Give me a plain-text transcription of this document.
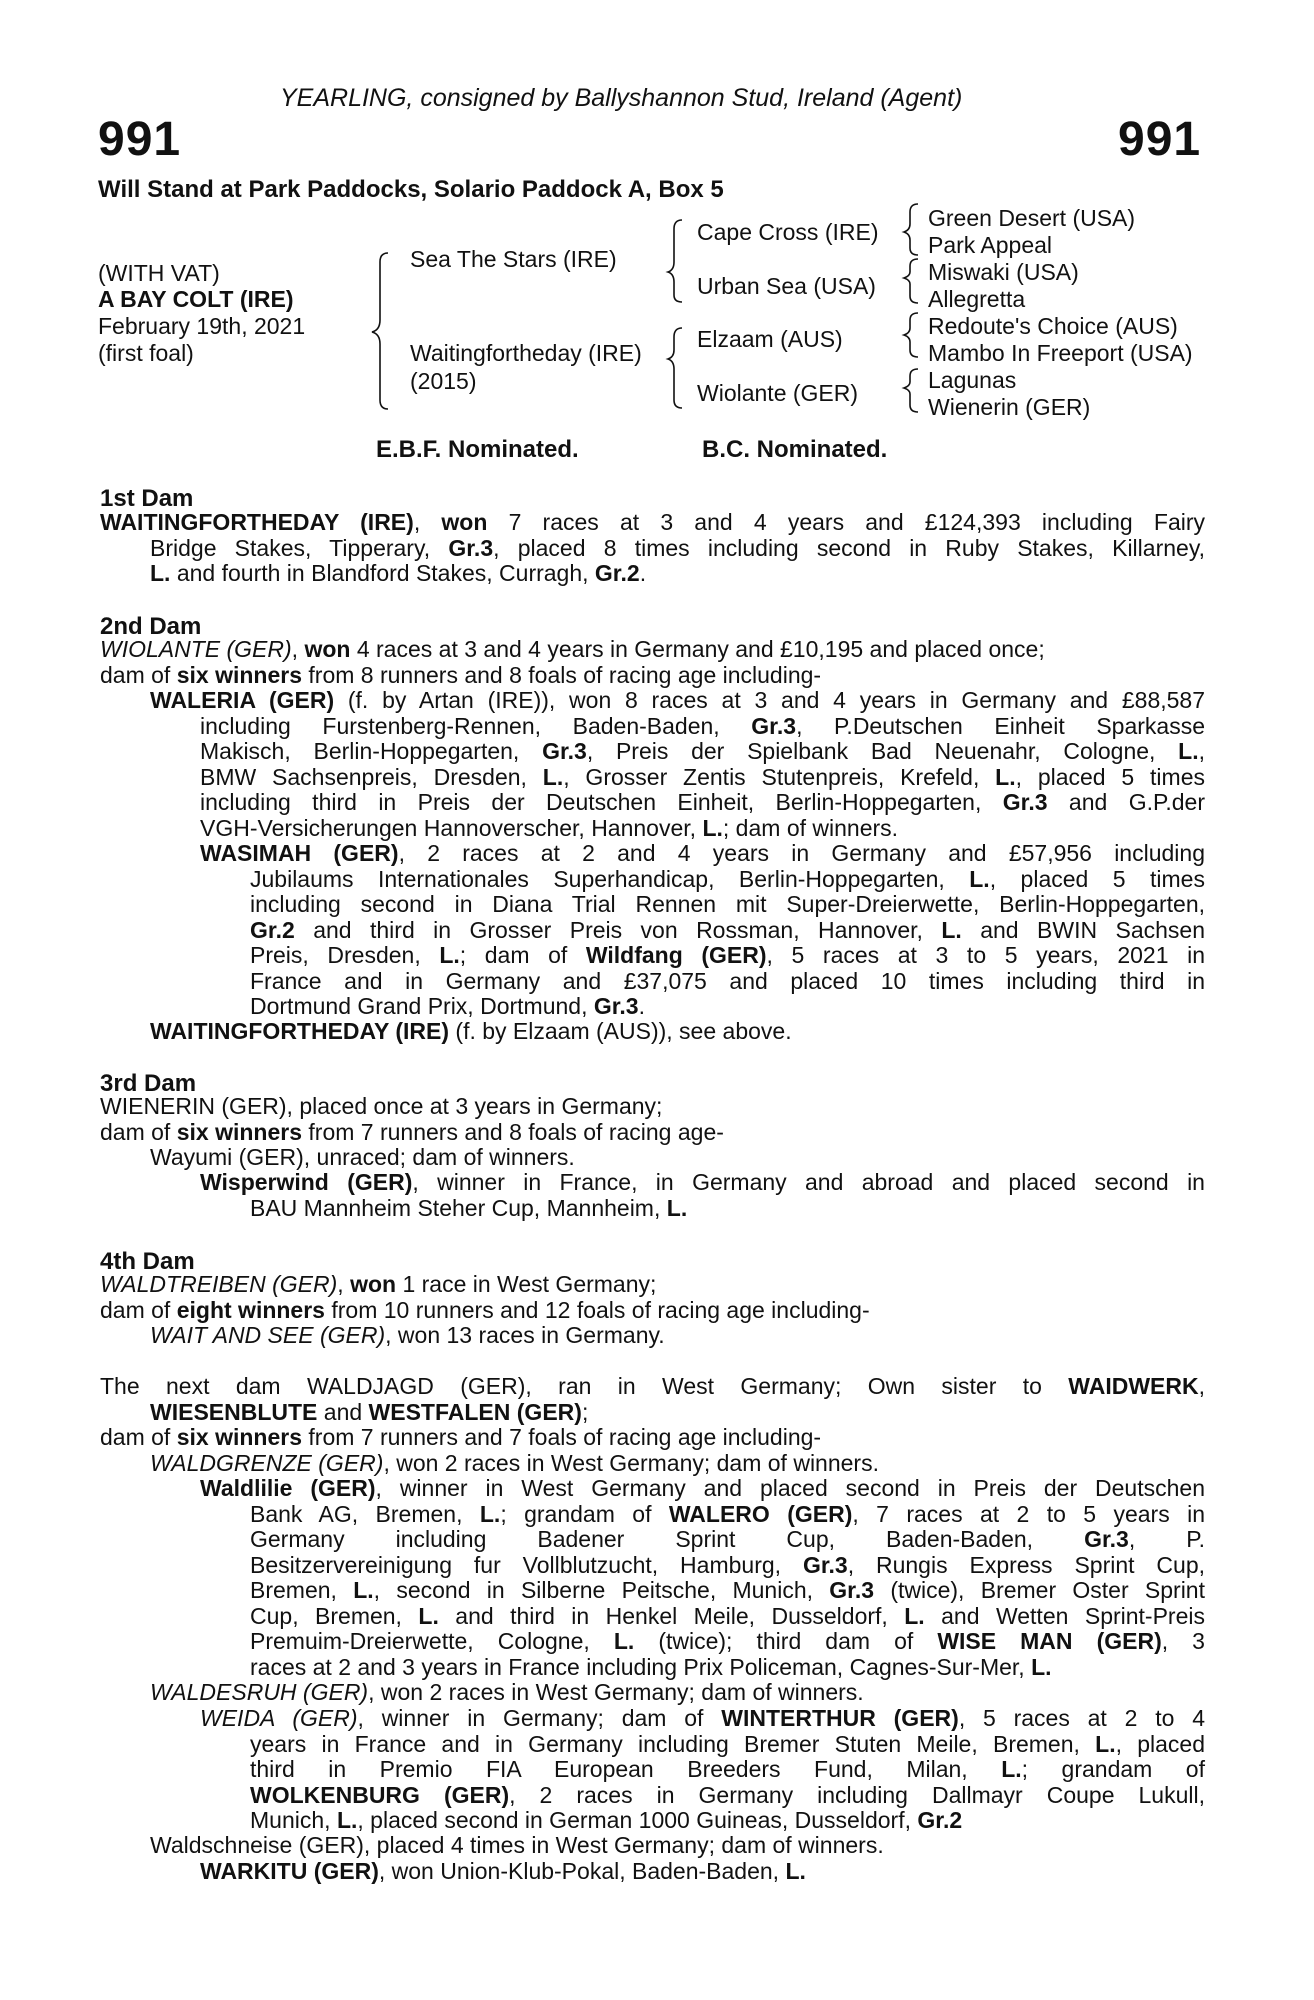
YEARLING, consigned by Ballyshannon Stud, Ireland (Agent)
991	991
Will Stand at Park Paddocks, Solario Paddock A, Box 5
(WITH VAT)
A BAY COLT (IRE)
February 19th, 2021
(first foal)
Sea The Stars (IRE)
Waitingfortheday (IRE)
(2015)
Cape Cross (IRE)
Urban Sea (USA)
Elzaam (AUS)
Wiolante (GER)
Green Desert (USA)
Park Appeal
Miswaki (USA)
Allegretta
Redoute's Choice (AUS)
Mambo In Freeport (USA)
Lagunas
Wienerin (GER)
E.B.F. Nominated.	B.C. Nominated.
1st Dam
WAITINGFORTHEDAY (IRE), won 7 races at 3 and 4 years and £124,393 including Fairy
Bridge Stakes, Tipperary, Gr.3, placed 8 times including second in Ruby Stakes, Killarney,
L. and fourth in Blandford Stakes, Curragh, Gr.2.
2nd Dam
WIOLANTE (GER), won 4 races at 3 and 4 years in Germany and £10,195 and placed once;
dam of six winners from 8 runners and 8 foals of racing age including-
WALERIA (GER) (f. by Artan (IRE)), won 8 races at 3 and 4 years in Germany and £88,587
including Furstenberg-Rennen, Baden-Baden, Gr.3, P.Deutschen Einheit Sparkasse
Makisch, Berlin-Hoppegarten, Gr.3, Preis der Spielbank Bad Neuenahr, Cologne, L.,
BMW Sachsenpreis, Dresden, L., Grosser Zentis Stutenpreis, Krefeld, L., placed 5 times
including third in Preis der Deutschen Einheit, Berlin-Hoppegarten, Gr.3 and G.P.der
VGH-Versicherungen Hannoverscher, Hannover, L.; dam of winners.
WASIMAH (GER), 2 races at 2 and 4 years in Germany and £57,956 including
Jubilaums Internationales Superhandicap, Berlin-Hoppegarten, L., placed 5 times
including second in Diana Trial Rennen mit Super-Dreierwette, Berlin-Hoppegarten,
Gr.2 and third in Grosser Preis von Rossman, Hannover, L. and BWIN Sachsen
Preis, Dresden, L.; dam of Wildfang (GER), 5 races at 3 to 5 years, 2021 in
France and in Germany and £37,075 and placed 10 times including third in
Dortmund Grand Prix, Dortmund, Gr.3.
WAITINGFORTHEDAY (IRE) (f. by Elzaam (AUS)), see above.
3rd Dam
WIENERIN (GER), placed once at 3 years in Germany;
dam of six winners from 7 runners and 8 foals of racing age-
Wayumi (GER), unraced; dam of winners.
Wisperwind (GER), winner in France, in Germany and abroad and placed second in
BAU Mannheim Steher Cup, Mannheim, L.
4th Dam
WALDTREIBEN (GER), won 1 race in West Germany;
dam of eight winners from 10 runners and 12 foals of racing age including-
WAIT AND SEE (GER), won 13 races in Germany.
The next dam WALDJAGD (GER), ran in West Germany; Own sister to WAIDWERK,
WIESENBLUTE and WESTFALEN (GER);
dam of six winners from 7 runners and 7 foals of racing age including-
WALDGRENZE (GER), won 2 races in West Germany; dam of winners.
Waldlilie (GER), winner in West Germany and placed second in Preis der Deutschen
Bank AG, Bremen, L.; grandam of WALERO (GER), 7 races at 2 to 5 years in
Germany including Badener Sprint Cup, Baden-Baden, Gr.3, P.
Besitzervereinigung fur Vollblutzucht, Hamburg, Gr.3, Rungis Express Sprint Cup,
Bremen, L., second in Silberne Peitsche, Munich, Gr.3 (twice), Bremer Oster Sprint
Cup, Bremen, L. and third in Henkel Meile, Dusseldorf, L. and Wetten Sprint-Preis
Premuim-Dreierwette, Cologne, L. (twice); third dam of WISE MAN (GER), 3
races at 2 and 3 years in France including Prix Policeman, Cagnes-Sur-Mer, L.
WALDESRUH (GER), won 2 races in West Germany; dam of winners.
WEIDA (GER), winner in Germany; dam of WINTERTHUR (GER), 5 races at 2 to 4
years in France and in Germany including Bremer Stuten Meile, Bremen, L., placed
third in Premio FIA European Breeders Fund, Milan, L.; grandam of
WOLKENBURG (GER), 2 races in Germany including Dallmayr Coupe Lukull,
Munich, L., placed second in German 1000 Guineas, Dusseldorf, Gr.2
Waldschneise (GER), placed 4 times in West Germany; dam of winners.
WARKITU (GER), won Union-Klub-Pokal, Baden-Baden, L.
